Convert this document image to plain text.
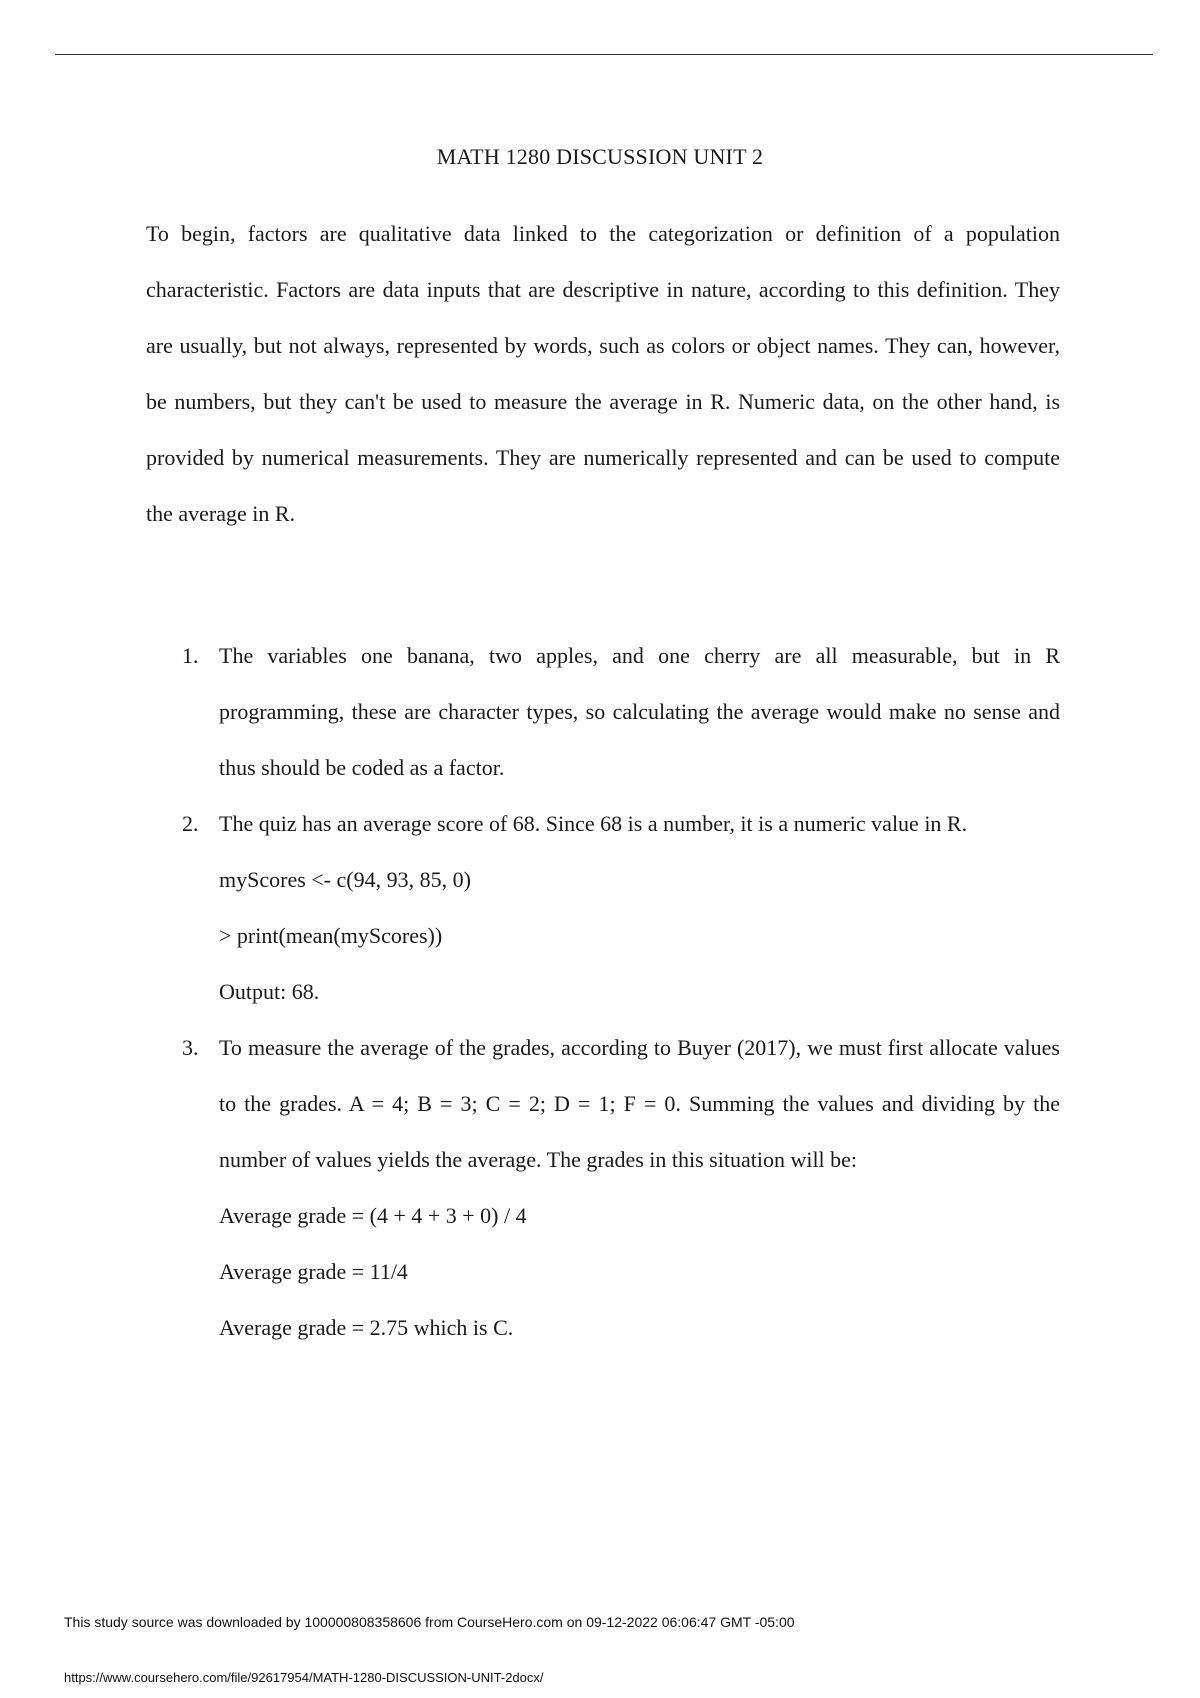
MATH 1280 DISCUSSION UNIT 2

To begin, factors are qualitative data linked to the categorization or definition of a population characteristic. Factors are data inputs that are descriptive in nature, according to this definition. They are usually, but not always, represented by words, such as colors or object names. They can, however, be numbers, but they can't be used to measure the average in R. Numeric data, on the other hand, is provided by numerical measurements. They are numerically represented and can be used to compute the average in R.

1. The variables one banana, two apples, and one cherry are all measurable, but in R programming, these are character types, so calculating the average would make no sense and thus should be coded as a factor.
2. The quiz has an average score of 68. Since 68 is a number, it is a numeric value in R.
myScores <- c(94, 93, 85, 0)
> print(mean(myScores))
Output: 68.
3. To measure the average of the grades, according to Buyer (2017), we must first allocate values to the grades. A = 4; B = 3; C = 2; D = 1; F = 0. Summing the values and dividing by the number of values yields the average. The grades in this situation will be:
Average grade = (4 + 4 + 3 + 0) / 4
Average grade = 11/4
Average grade = 2.75 which is C.
This study source was downloaded by 100000808358606 from CourseHero.com on 09-12-2022 06:06:47 GMT -05:00
https://www.coursehero.com/file/92617954/MATH-1280-DISCUSSION-UNIT-2docx/
